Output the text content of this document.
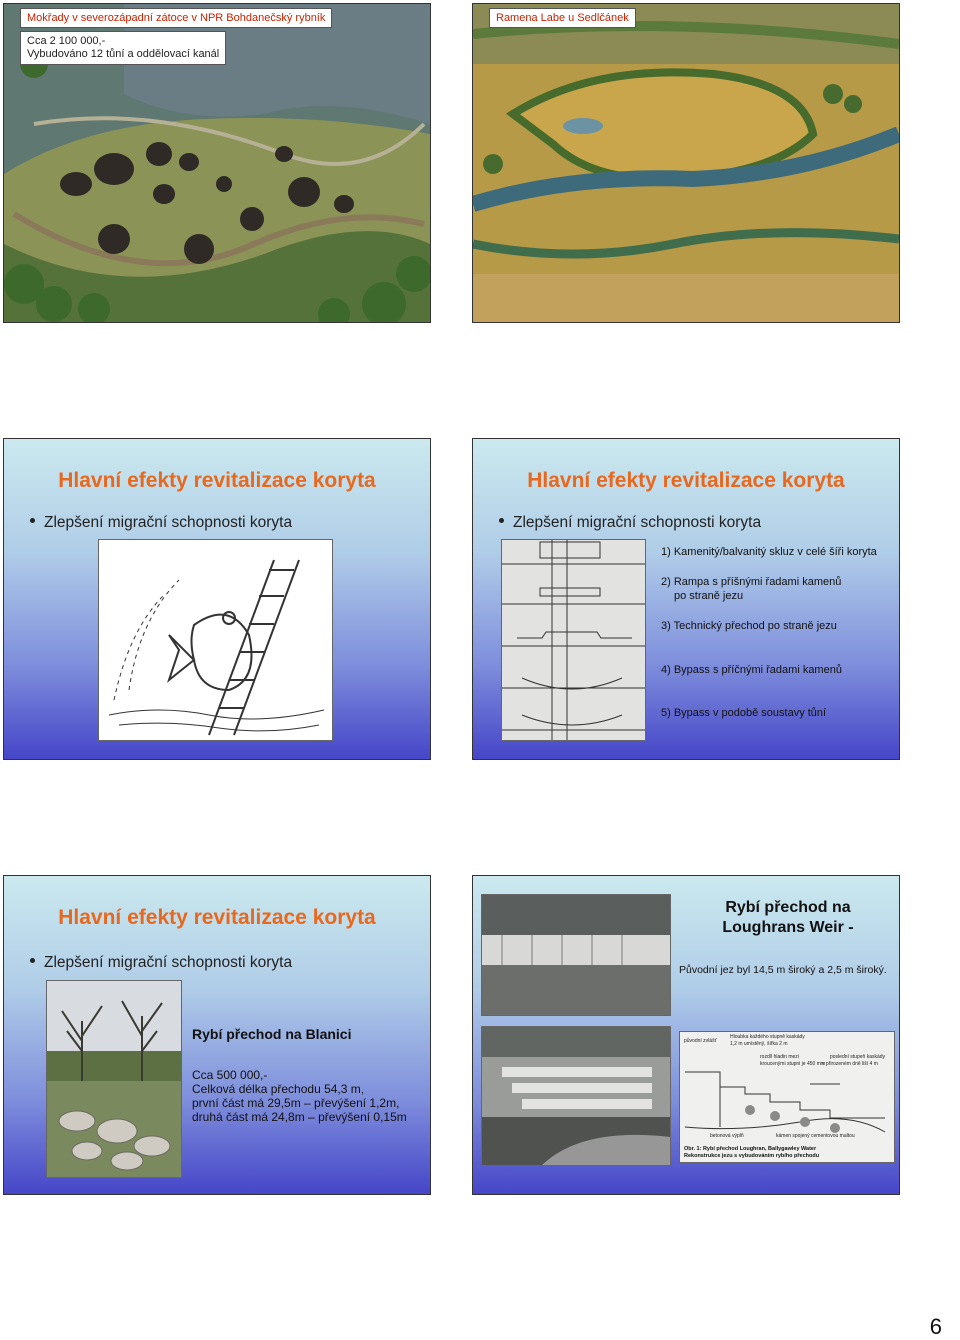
Mokřady v severozápadní zátoce v NPR Bohdanečský rybník
Cca 2 100 000,-
Vybudováno 12 tůní a oddělovací kanál
Ramena Labe u Sedlčánek
Hlavní efekty revitalizace koryta
Zlepšení migrační schopnosti koryta
Hlavní efekty revitalizace koryta
Zlepšení migrační schopnosti koryta
1) Kamenitý/balvanitý skluz v celé šíři koryta
2) Rampa s příšnými řadami kamenů
po straně jezu
3) Technický přechod po straně jezu
4) Bypass s příčnými řadami kamenů
5) Bypass v podobě soustavy tůní
Hlavní efekty revitalizace koryta
Zlepšení migrační schopnosti koryta
Rybí přechod na Blanici
Cca 500 000,-
Celková délka přechodu 54,3 m,
první část má 29,5m – převýšení 1,2m,
druhá část má 24,8m – převýšení 0,15m
Rybí přechod na
Loughrans Weir -
Původní jez byl 14,5 m široký a 2,5 m široký.
původní zvlášť
Hloubka každého stupně kaskády
1,2 m umístěný, šířka 2 m
rozdíl hladin mezi
kroucenými stupni je 450 mm
poslední stupeň kaskády
v přirozeném dně liší 4 m
betonová výplň	kámen spojený cementovou maltou
Obr. 1: Rybí přechod Loughran, Ballygawley Water
Rekonstrukce jezu s vybudováním rybího přechodu
6
